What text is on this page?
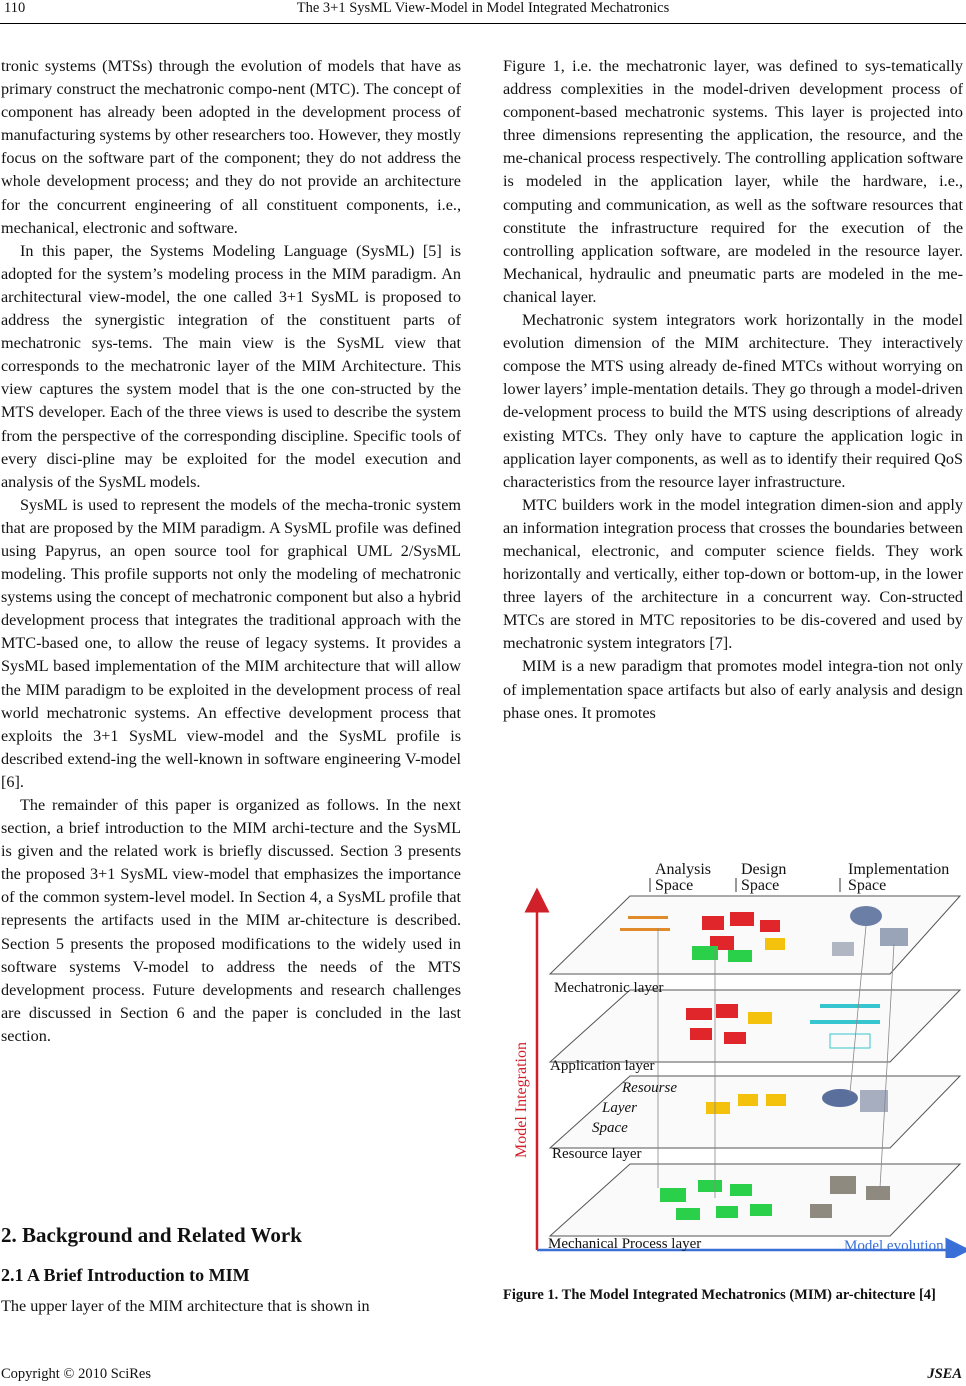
110	The 3+1 SysML View-Model in Model Integrated Mechatronics

tronic systems (MTSs) through the evolution of models that have as primary construct the mechatronic compo-nent (MTC). The concept of component has already been adopted in the development process of manufacturing systems by other researchers too. However, they mostly focus on the software part of the component; they do not address the whole development process; and they do not provide an architecture for the concurrent engineering of all constituent components, i.e., mechanical, electronic and software.

In this paper, the Systems Modeling Language (SysML) [5] is adopted for the system’s modeling process in the MIM paradigm. An architectural view-model, the one called 3+1 SysML is proposed to address the synergistic integration of the constituent parts of mechatronic sys-tems. The main view is the SysML view that corresponds to the mechatronic layer of the MIM Architecture. This view captures the system model that is the one con-structed by the MTS developer. Each of the three views is used to describe the system from the perspective of the corresponding discipline. Specific tools of every disci-pline may be exploited for the model execution and analysis of the SysML models.

SysML is used to represent the models of the mecha-tronic system that are proposed by the MIM paradigm. A SysML profile was defined using Papyrus, an open source tool for graphical UML 2/SysML modeling. This profile supports not only the modeling of mechatronic systems using the concept of mechatronic component but also a hybrid development process that integrates the traditional approach with the MTC-based one, to allow the reuse of legacy systems. It provides a SysML based implementation of the MIM architecture that will allow the MIM paradigm to be exploited in the development process of real world mechatronic systems. An effective development process that exploits the 3+1 SysML view-model and the SysML profile is described extend-ing the well-known in software engineering V-model [6].

The remainder of this paper is organized as follows. In the next section, a brief introduction to the MIM archi-tecture and the SysML is given and the related work is briefly discussed. Section 3 presents the proposed 3+1 SysML view-model that emphasizes the importance of the common system-level model. In Section 4, a SysML profile that represents the artifacts used in the MIM ar-chitecture is described. Section 5 presents the proposed modifications to the widely used in software systems V-model to address the needs of the MTS development process. Future developments and research challenges are discussed in Section 6 and the paper is concluded in the last section.

2. Background and Related Work
2.1 A Brief Introduction to MIM
The upper layer of the MIM architecture that is shown in

Figure 1, i.e. the mechatronic layer, was defined to sys-tematically address complexities in the model-driven development process of component-based mechatronic systems. This layer is projected into three dimensions representing the application, the resource, and the me-chanical process respectively. The controlling application software is modeled in the application layer, while the hardware, i.e., computing and communication, as well as the software resources that constitute the infrastructure required for the execution of the controlling application software, are modeled in the resource layer. Mechanical, hydraulic and pneumatic parts are modeled in the me-chanical layer.

Mechatronic system integrators work horizontally in the model evolution dimension of the MIM architecture. They interactively compose the MTS using already de-fined MTCs without worrying on lower layers’ imple-mentation details. They go through a model-driven de-velopment process to build the MTS using descriptions of already existing MTCs. They only have to capture the application logic in application layer components, as well as to identify their required QoS characteristics from the resource layer infrastructure.

MTC builders work in the model integration dimen-sion and apply an information integration process that crosses the boundaries between mechanical, electronic, and computer science fields. They work horizontally and vertically, either top-down or bottom-up, in the lower three layers of the architecture in a concurrent way. Con-structed MTCs are stored in MTC repositories to be dis-covered and used by mechatronic system integrators [7].

MIM is a new paradigm that promotes model integra-tion not only of implementation space artifacts but also of early analysis and design phase ones. It promotes

Analysis
Space
Design
Space
Implementation
Space
Model Integration
Mechatronic layer
Application layer
Resource layer
Mechanical Process layer
Resourse
Layer
Space
Model evolution
Figure 1. The Model Integrated Mechatronics (MIM) ar-chitecture [4]
Copyright © 2010 SciRes	JSEA
